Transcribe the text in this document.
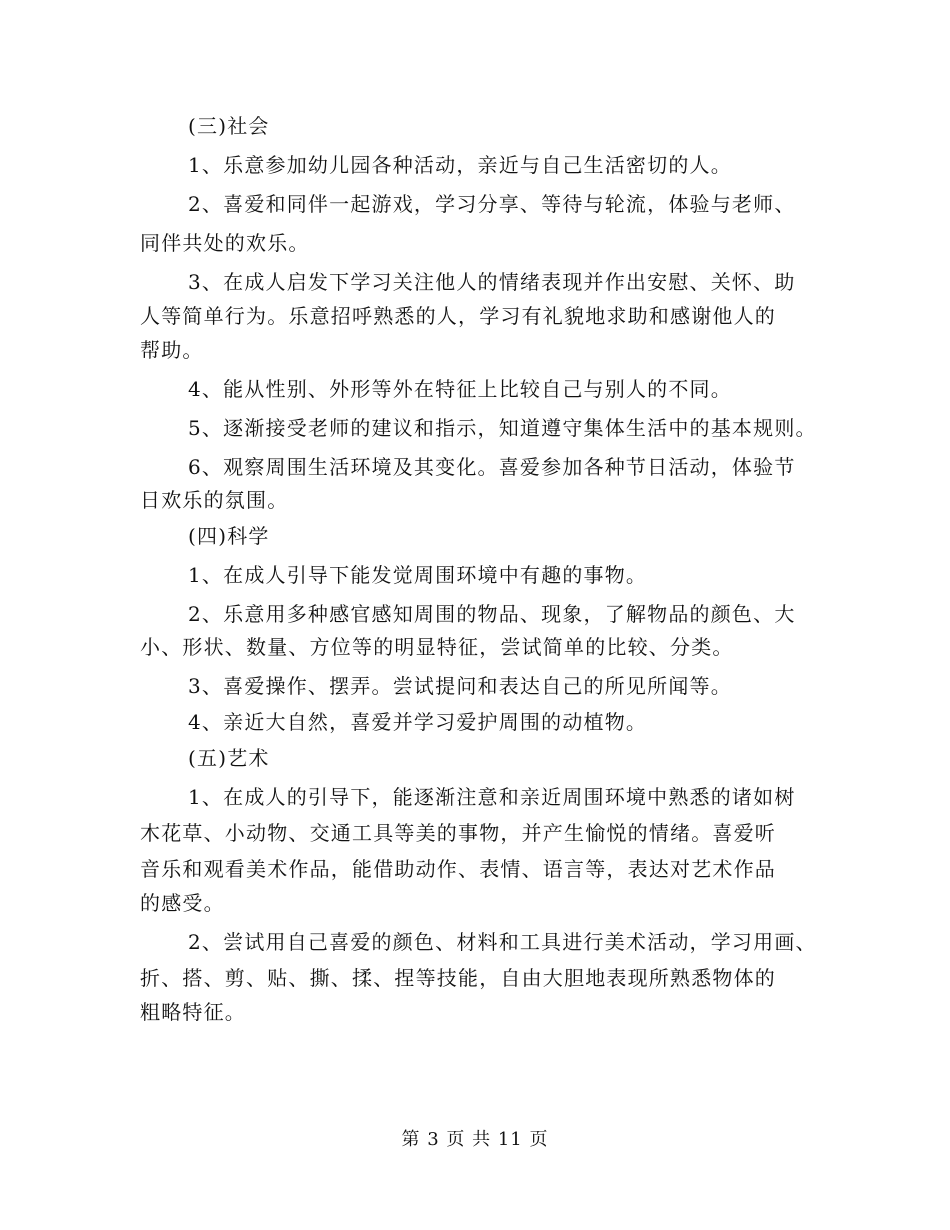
(三)社会
1、乐意参加幼儿园各种活动，亲近与自己生活密切的人。
2、喜爱和同伴一起游戏，学习分享、等待与轮流，体验与老师、
同伴共处的欢乐。
3、在成人启发下学习关注他人的情绪表现并作出安慰、关怀、助
人等简单行为。乐意招呼熟悉的人，学习有礼貌地求助和感谢他人的
帮助。
4、能从性别、外形等外在特征上比较自己与别人的不同。
5、逐渐接受老师的建议和指示，知道遵守集体生活中的基本规则。
6、观察周围生活环境及其变化。喜爱参加各种节日活动，体验节
日欢乐的氛围。
(四)科学
1、在成人引导下能发觉周围环境中有趣的事物。
2、乐意用多种感官感知周围的物品、现象，了解物品的颜色、大
小、形状、数量、方位等的明显特征，尝试简单的比较、分类。
3、喜爱操作、摆弄。尝试提问和表达自己的所见所闻等。
4、亲近大自然，喜爱并学习爱护周围的动植物。
(五)艺术
1、在成人的引导下，能逐渐注意和亲近周围环境中熟悉的诸如树
木花草、小动物、交通工具等美的事物，并产生愉悦的情绪。喜爱听
音乐和观看美术作品，能借助动作、表情、语言等，表达对艺术作品
的感受。
2、尝试用自己喜爱的颜色、材料和工具进行美术活动，学习用画、
折、搭、剪、贴、撕、揉、捏等技能，自由大胆地表现所熟悉物体的
粗略特征。
第 3 页 共 11 页
